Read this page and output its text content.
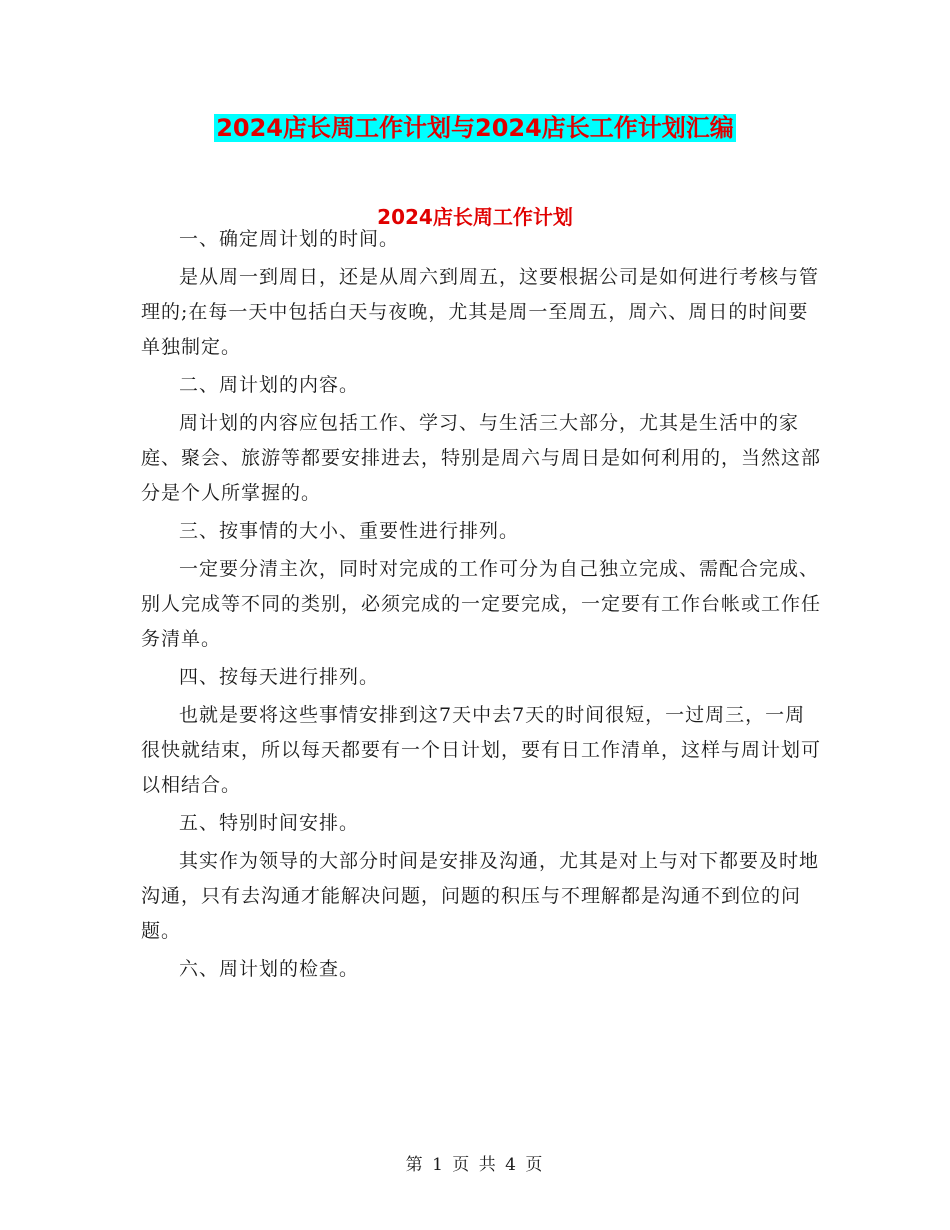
2024店长周工作计划与2024店长工作计划汇编
2024店长周工作计划

一、确定周计划的时间。

是从周一到周日，还是从周六到周五，这要根据公司是如何进行考核与管理的;在每一天中包括白天与夜晚，尤其是周一至周五，周六、周日的时间要单独制定。

二、周计划的内容。

周计划的内容应包括工作、学习、与生活三大部分，尤其是生活中的家庭、聚会、旅游等都要安排进去，特别是周六与周日是如何利用的，当然这部分是个人所掌握的。

三、按事情的大小、重要性进行排列。

一定要分清主次，同时对完成的工作可分为自己独立完成、需配合完成、别人完成等不同的类别，必须完成的一定要完成，一定要有工作台帐或工作任务清单。

四、按每天进行排列。

也就是要将这些事情安排到这7天中去7天的时间很短，一过周三，一周很快就结束，所以每天都要有一个日计划，要有日工作清单，这样与周计划可以相结合。

五、特别时间安排。

其实作为领导的大部分时间是安排及沟通，尤其是对上与对下都要及时地沟通，只有去沟通才能解决问题，问题的积压与不理解都是沟通不到位的问题。

六、周计划的检查。

第 1 页 共 4 页
